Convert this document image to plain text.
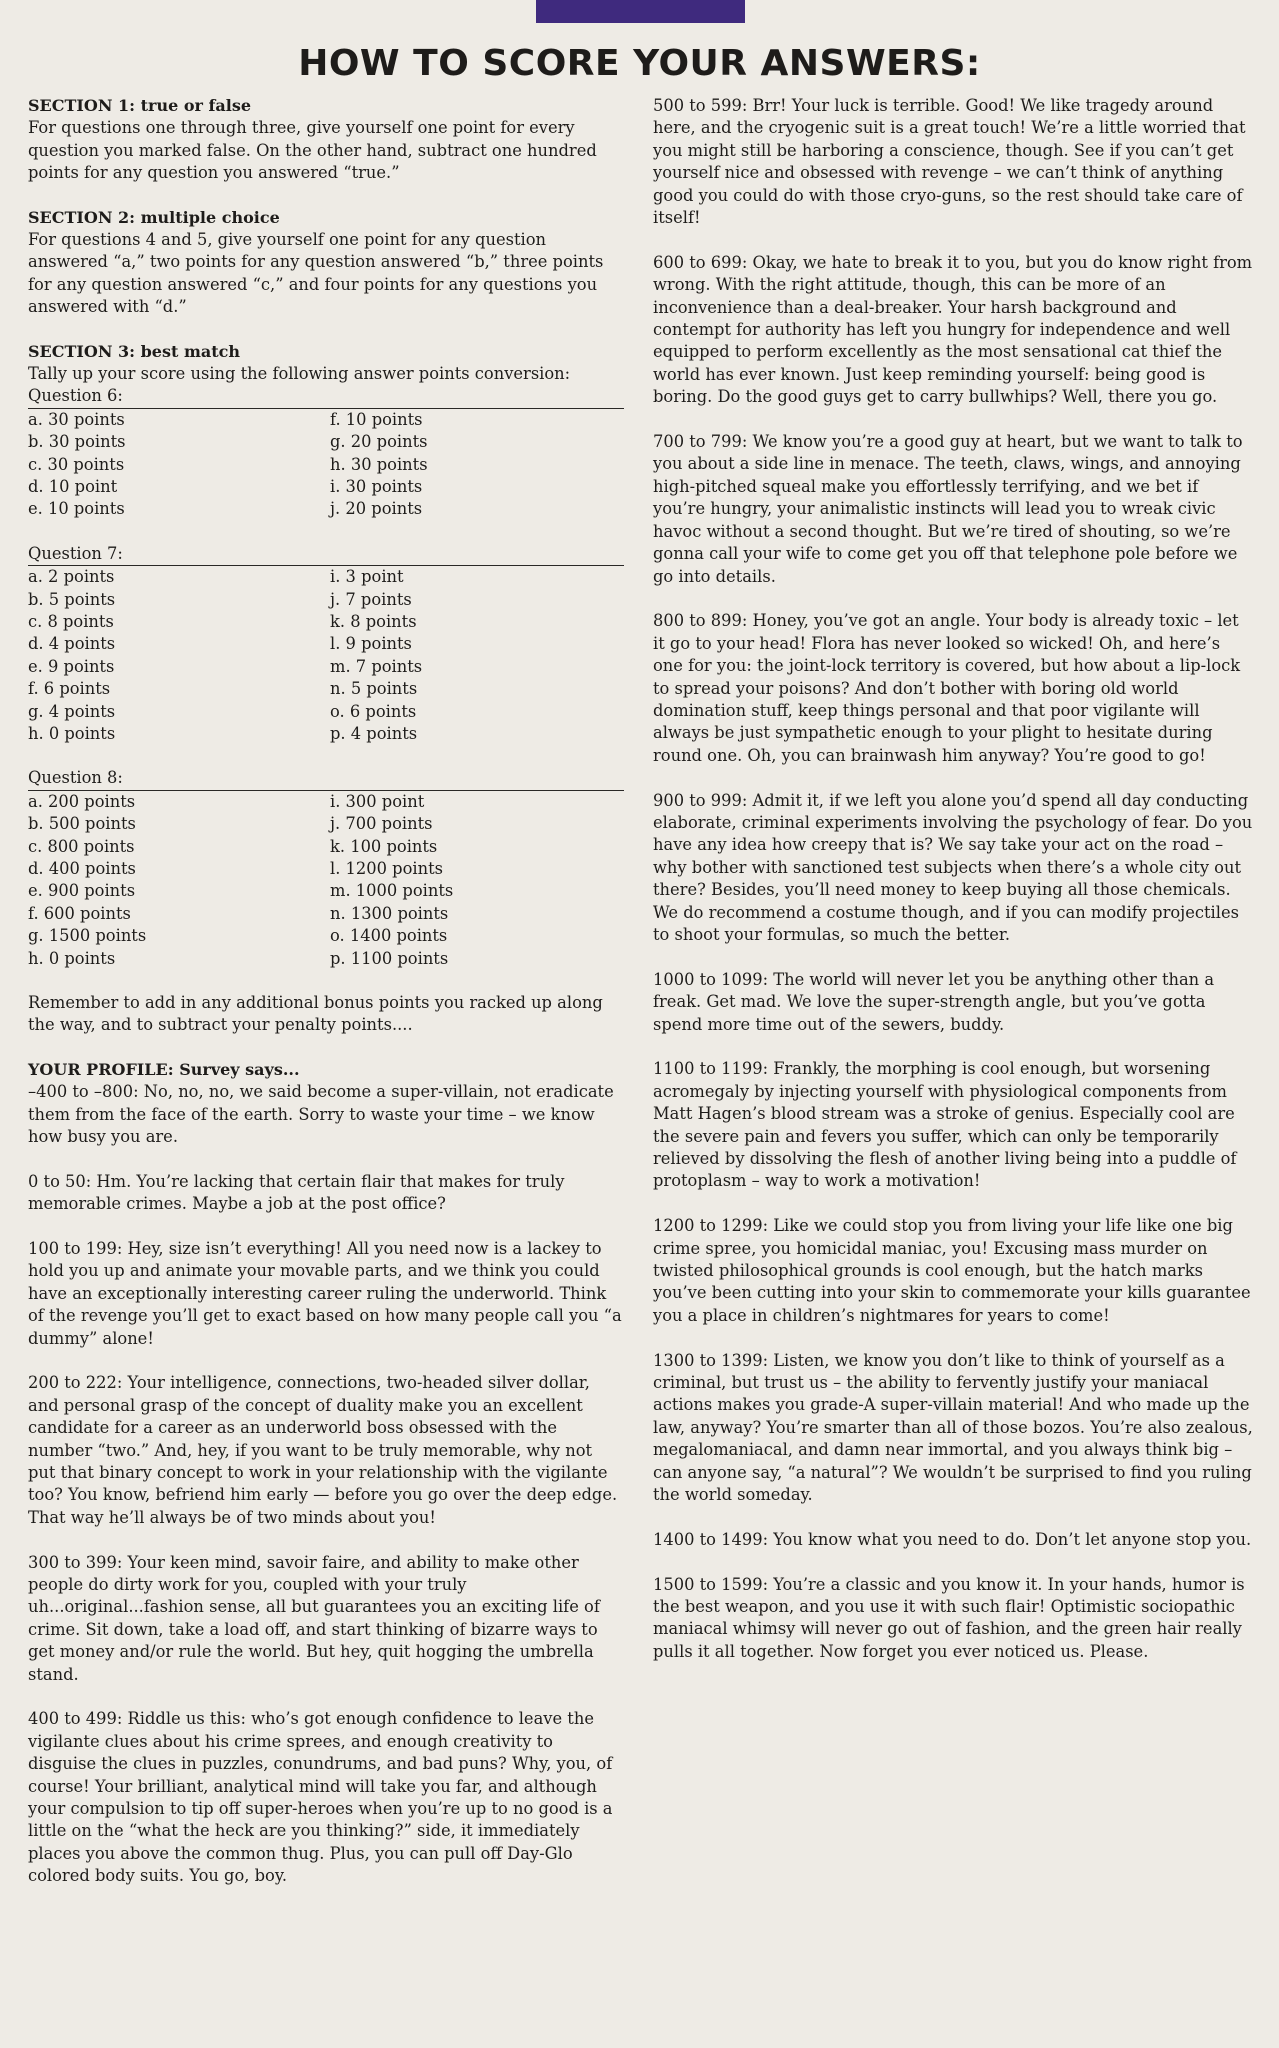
HOW TO SCORE YOUR ANSWERS:

SECTION 1: true or false

For questions one through three, give yourself one point for every question you marked false. On the other hand, subtract one hundred points for any question you answered “true.”

SECTION 2: multiple choice

For questions 4 and 5, give yourself one point for any question answered “a,” two points for any question answered “b,” three points for any question answered “c,” and four points for any questions you answered with “d.”

SECTION 3: best match

Tally up your score using the following answer points conversion:

Question 6:
a. 30 points
b. 30 points
c. 30 points
d. 10 point
e. 10 points
f. 10 points
g. 20 points
h. 30 points
i. 30 points
j. 20 points
Question 7:
a. 2 points
b. 5 points
c. 8 points
d. 4 points
e. 9 points
f. 6 points
g. 4 points
h. 0 points
i. 3 point
j. 7 points
k. 8 points
l. 9 points
m. 7 points
n. 5 points
o. 6 points
p. 4 points
Question 8:
a. 200 points
b. 500 points
c. 800 points
d. 400 points
e. 900 points
f. 600 points
g. 1500 points
h. 0 points
i. 300 point
j. 700 points
k. 100 points
l. 1200 points
m. 1000 points
n. 1300 points
o. 1400 points
p. 1100 points

Remember to add in any additional bonus points you racked up along the way, and to subtract your penalty points....

YOUR PROFILE: Survey says...

–400 to –800: No, no, no, we said become a super-villain, not eradicate them from the face of the earth. Sorry to waste your time – we know how busy you are.

0 to 50: Hm. You’re lacking that certain flair that makes for truly memorable crimes. Maybe a job at the post office?

100 to 199: Hey, size isn’t everything! All you need now is a lackey to hold you up and animate your movable parts, and we think you could have an exceptionally interesting career ruling the underworld. Think of the revenge you’ll get to exact based on how many people call you “a dummy” alone!

200 to 222: Your intelligence, connections, two-headed silver dollar, and personal grasp of the concept of duality make you an excellent candidate for a career as an underworld boss obsessed with the number “two.” And, hey, if you want to be truly memorable, why not put that binary concept to work in your relationship with the vigilante too? You know, befriend him early — before you go over the deep edge. That way he’ll always be of two minds about you!

300 to 399: Your keen mind, savoir faire, and ability to make other people do dirty work for you, coupled with your truly uh...original...fashion sense, all but guarantees you an exciting life of crime. Sit down, take a load off, and start thinking of bizarre ways to get money and/or rule the world. But hey, quit hogging the umbrella stand.

400 to 499: Riddle us this: who’s got enough confidence to leave the vigilante clues about his crime sprees, and enough creativity to disguise the clues in puzzles, conundrums, and bad puns? Why, you, of course! Your brilliant, analytical mind will take you far, and although your compulsion to tip off super-heroes when you’re up to no good is a little on the “what the heck are you thinking?” side, it immediately places you above the common thug. Plus, you can pull off Day-Glo colored body suits. You go, boy.

500 to 599: Brr! Your luck is terrible. Good! We like tragedy around here, and the cryogenic suit is a great touch! We’re a little worried that you might still be harboring a conscience, though. See if you can’t get yourself nice and obsessed with revenge – we can’t think of anything good you could do with those cryo-guns, so the rest should take care of itself!

600 to 699: Okay, we hate to break it to you, but you do know right from wrong. With the right attitude, though, this can be more of an inconvenience than a deal-breaker. Your harsh background and contempt for authority has left you hungry for independence and well equipped to perform excellently as the most sensational cat thief the world has ever known. Just keep reminding yourself: being good is boring. Do the good guys get to carry bullwhips? Well, there you go.

700 to 799: We know you’re a good guy at heart, but we want to talk to you about a side line in menace. The teeth, claws, wings, and annoying high-pitched squeal make you effortlessly terrifying, and we bet if you’re hungry, your animalistic instincts will lead you to wreak civic havoc without a second thought. But we’re tired of shouting, so we’re gonna call your wife to come get you off that telephone pole before we go into details.

800 to 899: Honey, you’ve got an angle. Your body is already toxic – let it go to your head! Flora has never looked so wicked! Oh, and here’s one for you: the joint-lock territory is covered, but how about a lip-lock to spread your poisons? And don’t bother with boring old world domination stuff, keep things personal and that poor vigilante will always be just sympathetic enough to your plight to hesitate during round one. Oh, you can brainwash him anyway? You’re good to go!

900 to 999: Admit it, if we left you alone you’d spend all day conducting elaborate, criminal experiments involving the psychology of fear. Do you have any idea how creepy that is? We say take your act on the road – why bother with sanctioned test subjects when there’s a whole city out there? Besides, you’ll need money to keep buying all those chemicals. We do recommend a costume though, and if you can modify projectiles to shoot your formulas, so much the better.

1000 to 1099: The world will never let you be anything other than a freak. Get mad. We love the super-strength angle, but you’ve gotta spend more time out of the sewers, buddy.

1100 to 1199: Frankly, the morphing is cool enough, but worsening acromegaly by injecting yourself with physiological components from Matt Hagen’s blood stream was a stroke of genius. Especially cool are the severe pain and fevers you suffer, which can only be temporarily relieved by dissolving the flesh of another living being into a puddle of protoplasm – way to work a motivation!

1200 to 1299: Like we could stop you from living your life like one big crime spree, you homicidal maniac, you! Excusing mass murder on twisted philosophical grounds is cool enough, but the hatch marks you’ve been cutting into your skin to commemorate your kills guarantee you a place in children’s nightmares for years to come!

1300 to 1399: Listen, we know you don’t like to think of yourself as a criminal, but trust us – the ability to fervently justify your maniacal actions makes you grade-A super-villain material! And who made up the law, anyway? You’re smarter than all of those bozos. You’re also zealous, megalomaniacal, and damn near immortal, and you always think big – can anyone say, “a natural”? We wouldn’t be surprised to find you ruling the world someday.

1400 to 1499: You know what you need to do. Don’t let anyone stop you.

1500 to 1599: You’re a classic and you know it. In your hands, humor is the best weapon, and you use it with such flair! Optimistic sociopathic maniacal whimsy will never go out of fashion, and the green hair really pulls it all together. Now forget you ever noticed us. Please.
